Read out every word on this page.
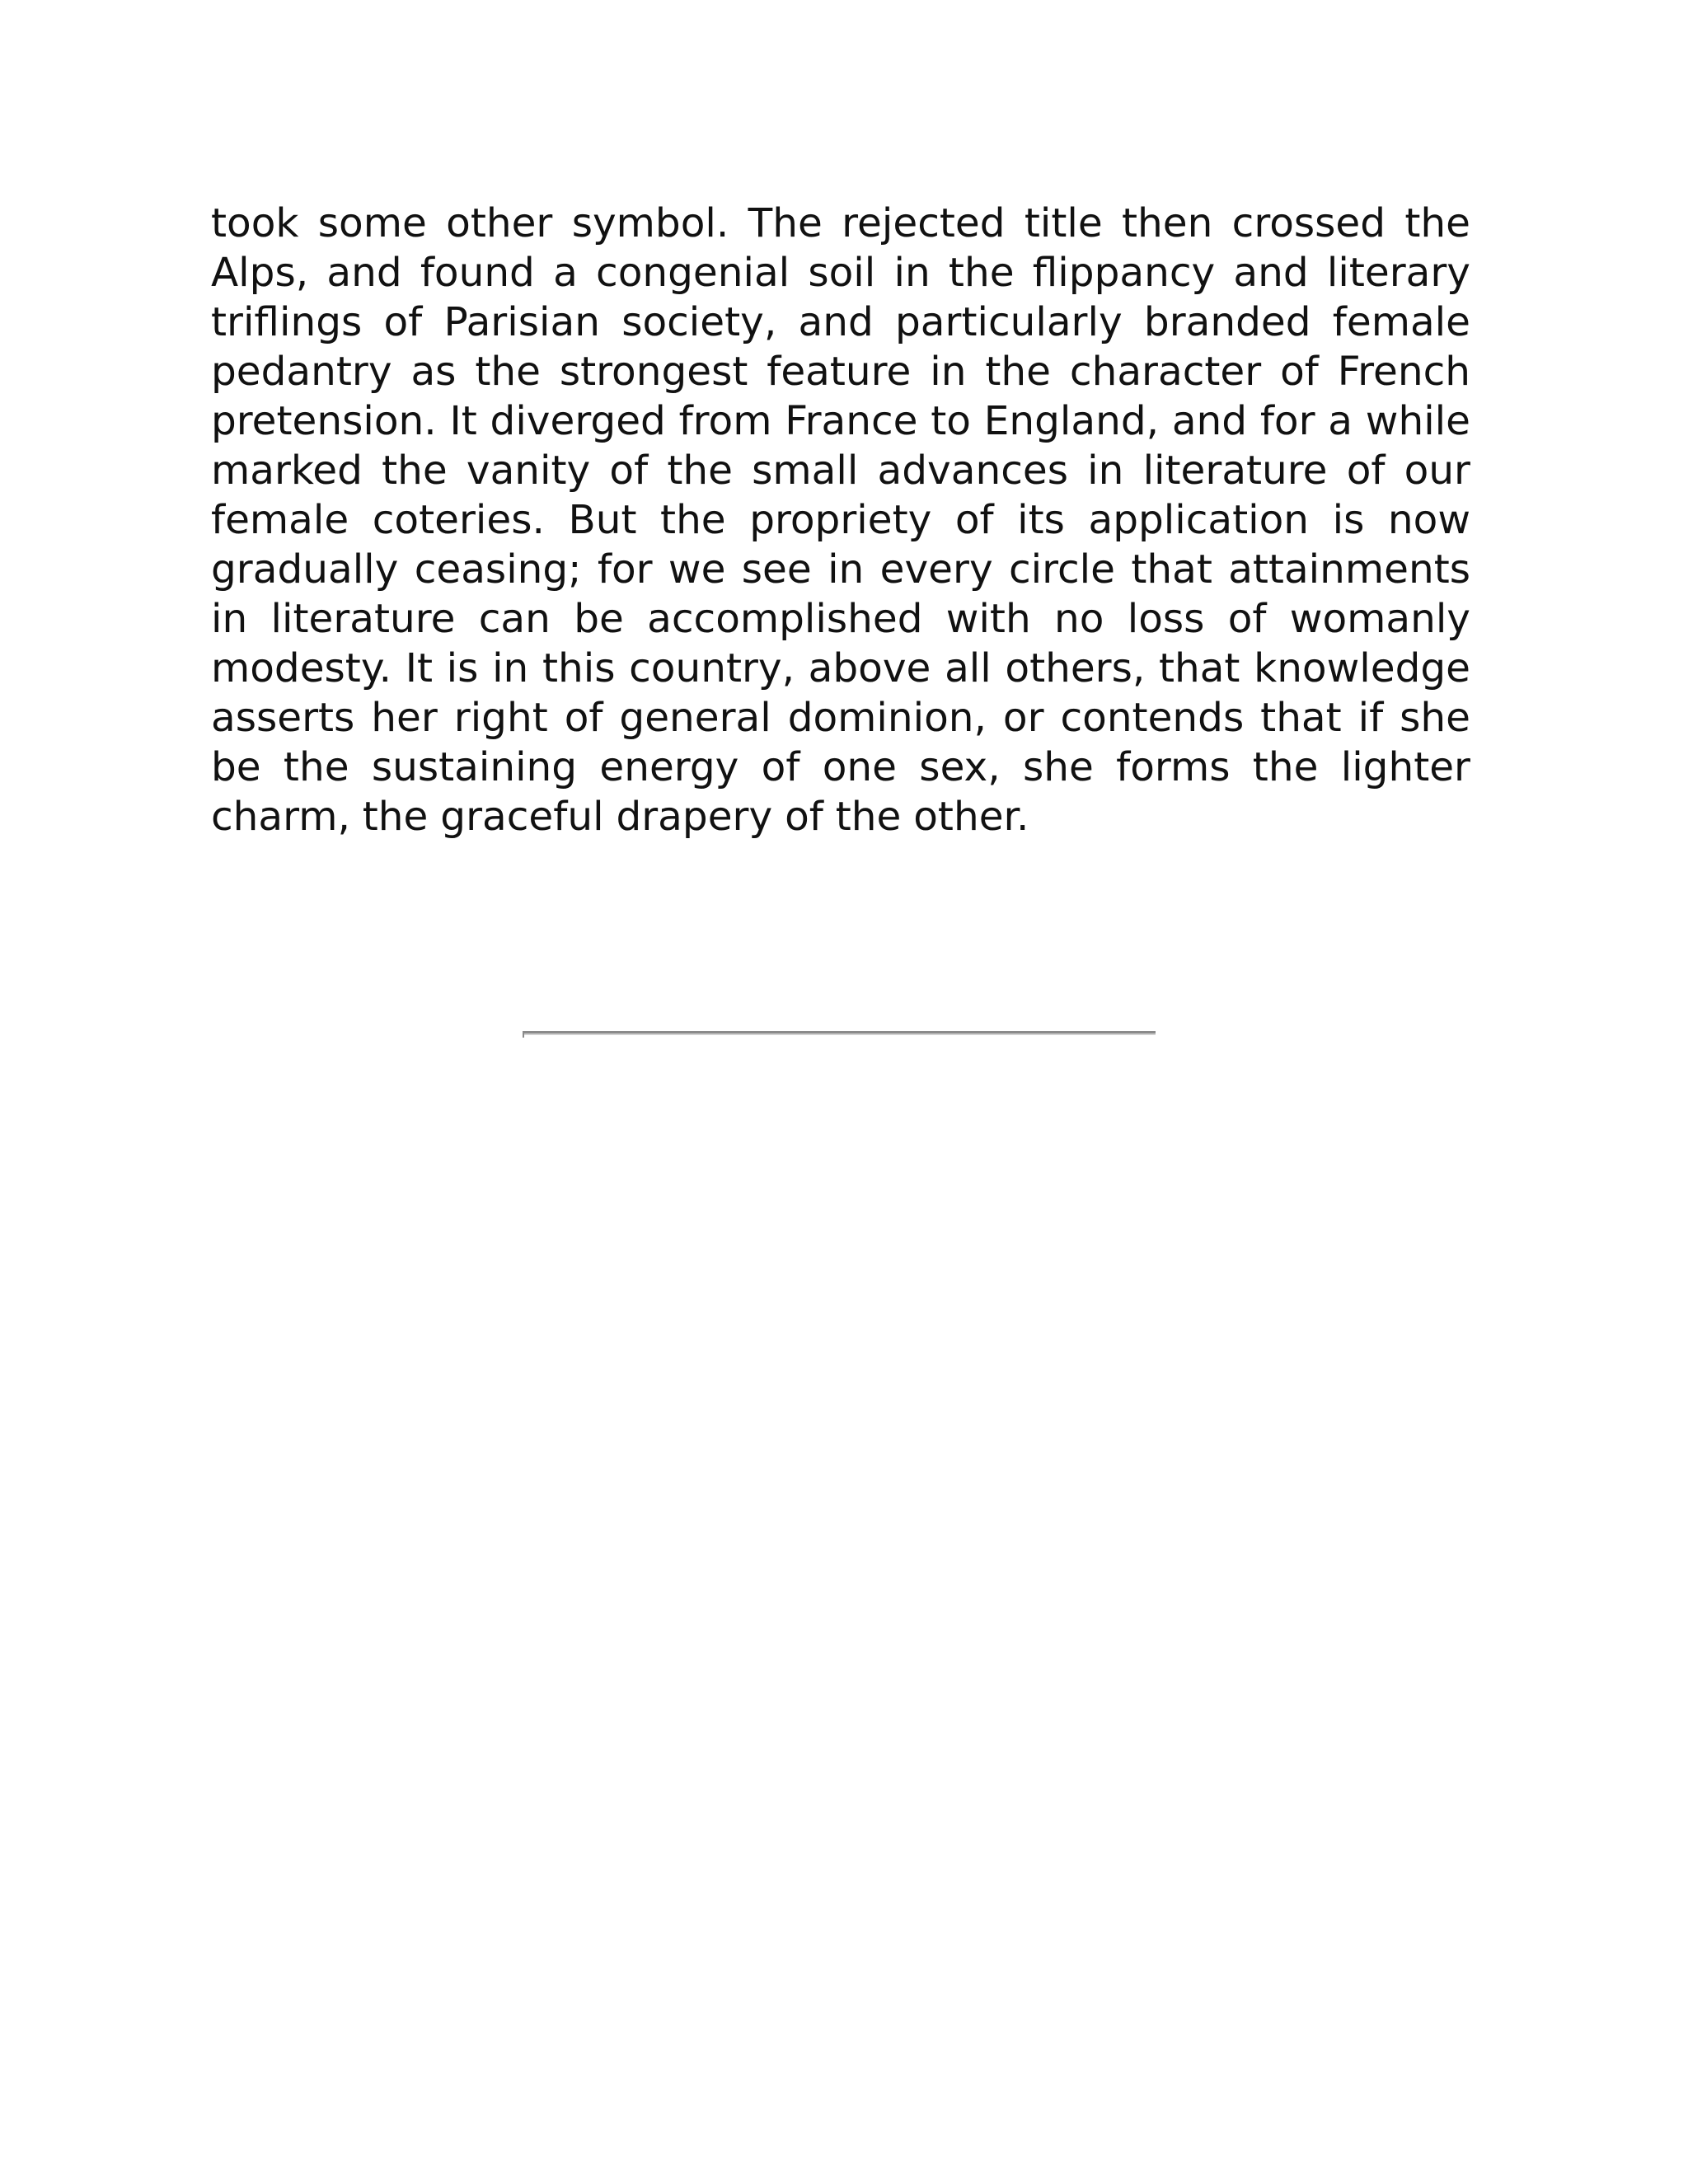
took some other symbol. The rejected title then crossed the Alps, and found a congenial soil in the flippancy and literary triflings of Parisian society, and particularly branded female pedantry as the strongest feature in the character of French pretension. It diverged from France to England, and for a while marked the vanity of the small advances in literature of our female coteries. But the propriety of its application is now gradually ceasing; for we see in every circle that attainments in literature can be accomplished with no loss of womanly modesty. It is in this country, above all others, that knowledge asserts her right of general dominion, or contends that if she be the sustaining energy of one sex, she forms the lighter charm, the graceful drapery of the other.
